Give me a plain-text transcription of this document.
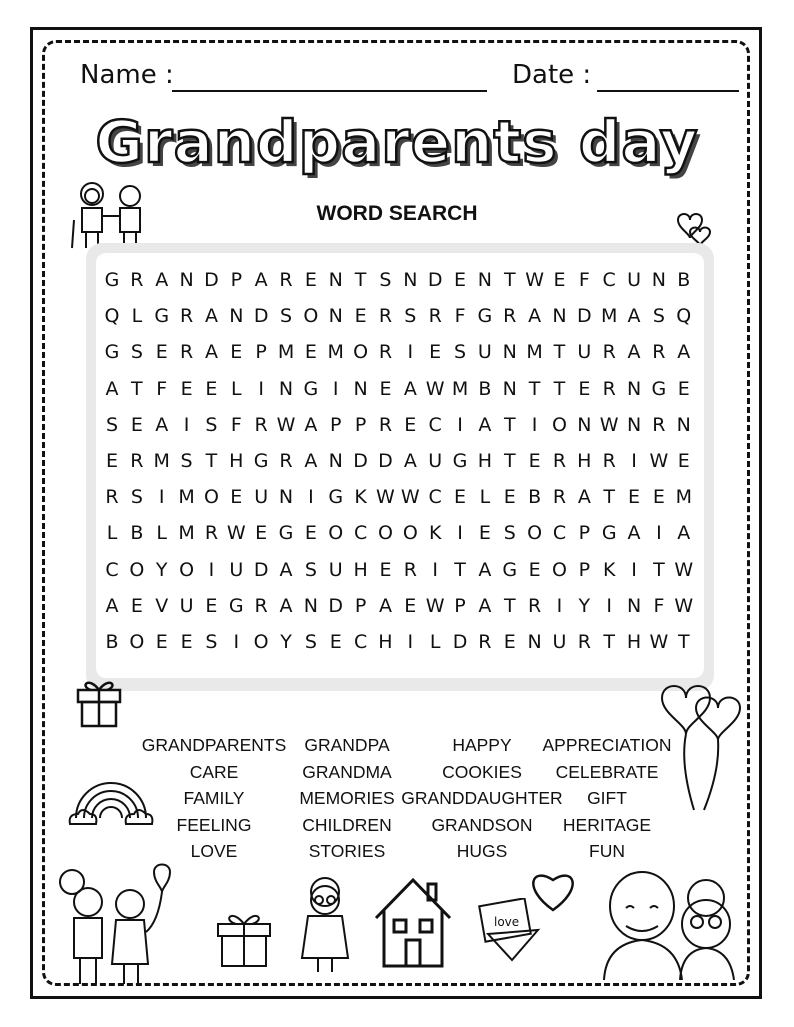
Name :	Date :
Grandparents day
WORD SEARCH
G R A N D P A R E N T S N D E N T W E F C U N B
Q L G R A N D S O N E R S R F G R A N D M A S Q
G S E R A E P M E M O R I E S U N M T U R A R A
A T F E E L I N G I N E A W M B N T T E R N G E
S E A I S F R W A P P R E C I A T I O N W N R N
E R M S T H G R A N D D A U G H T E R H R I W E
R S I M O E U N I G K W W C E L E B R A T E E M
L B L M R W E G E O C O O K I E S O C P G A I A
C O Y O I U D A S U H E R I T A G E O P K I T W
A E V U E G R A N D P A E W P A T R I Y I N F W
B O E E S I O Y S E C H I L D R E N U R T H W T
GRANDPARENTS
CARE
FAMILY
FEELING
LOVE
GRANDPA
GRANDMA
MEMORIES
CHILDREN
STORIES
HAPPY
COOKIES
GRANDDAUGHTER
GRANDSON
HUGS
APPRECIATION
CELEBRATE
GIFT
HERITAGE
FUN
love
